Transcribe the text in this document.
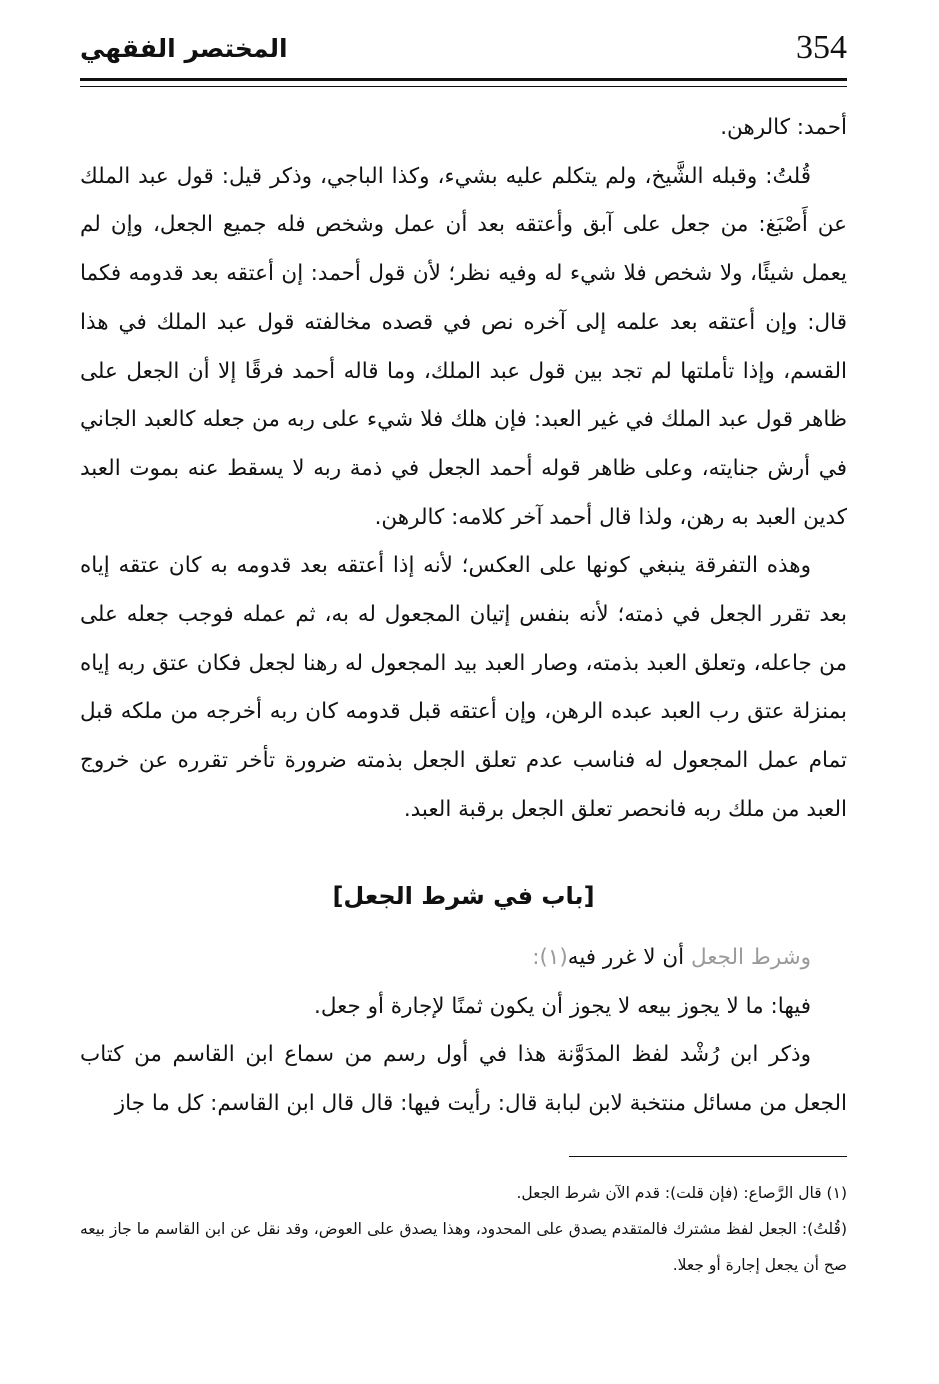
354
المختصر الفقهي

أحمد: كالرهن.

قُلتُ: وقبله الشَّيخ، ولم يتكلم عليه بشيء، وكذا الباجي، وذكر قيل: قول عبد الملك عن أَصْبَغ: من جعل على آبق وأعتقه بعد أن عمل وشخص فله جميع الجعل، وإن لم يعمل شيئًا، ولا شخص فلا شيء له وفيه نظر؛ لأن قول أحمد: إن أعتقه بعد قدومه فكما قال: وإن أعتقه بعد علمه إلى آخره نص في قصده مخالفته قول عبد الملك في هذا القسم، وإذا تأملتها لم تجد بين قول عبد الملك، وما قاله أحمد فرقًا إلا أن الجعل على ظاهر قول عبد الملك في غير العبد: فإن هلك فلا شيء على ربه من جعله كالعبد الجاني في أرش جنايته، وعلى ظاهر قوله أحمد الجعل في ذمة ربه لا يسقط عنه بموت العبد كدين العبد به رهن، ولذا قال أحمد آخر كلامه: كالرهن.

وهذه التفرقة ينبغي كونها على العكس؛ لأنه إذا أعتقه بعد قدومه به كان عتقه إياه بعد تقرر الجعل في ذمته؛ لأنه بنفس إتيان المجعول له به، ثم عمله فوجب جعله على من جاعله، وتعلق العبد بذمته، وصار العبد بيد المجعول له رهنا لجعل فكان عتق ربه إياه بمنزلة عتق رب العبد عبده الرهن، وإن أعتقه قبل قدومه كان ربه أخرجه من ملكه قبل تمام عمل المجعول له فناسب عدم تعلق الجعل بذمته ضرورة تأخر تقرره عن خروج العبد من ملك ربه فانحصر تعلق الجعل برقبة العبد.

[باب في شرط الجعل]

وشرط الجعل أن لا غرر فيه(١):

فيها: ما لا يجوز بيعه لا يجوز أن يكون ثمنًا لإجارة أو جعل.

وذكر ابن رُشْد لفظ المدَوَّنة هذا في أول رسم من سماع ابن القاسم من كتاب الجعل من مسائل منتخبة لابن لبابة قال: رأيت فيها: قال قال ابن القاسم: كل ما جاز

(١) قال الرَّصاع: (فإن قلت): قدم الآن شرط الجعل.

(قُلتُ): الجعل لفظ مشترك فالمتقدم يصدق على المحدود، وهذا يصدق على العوض، وقد نقل عن ابن القاسم ما جاز بيعه صح أن يجعل إجارة أو جعلا.
